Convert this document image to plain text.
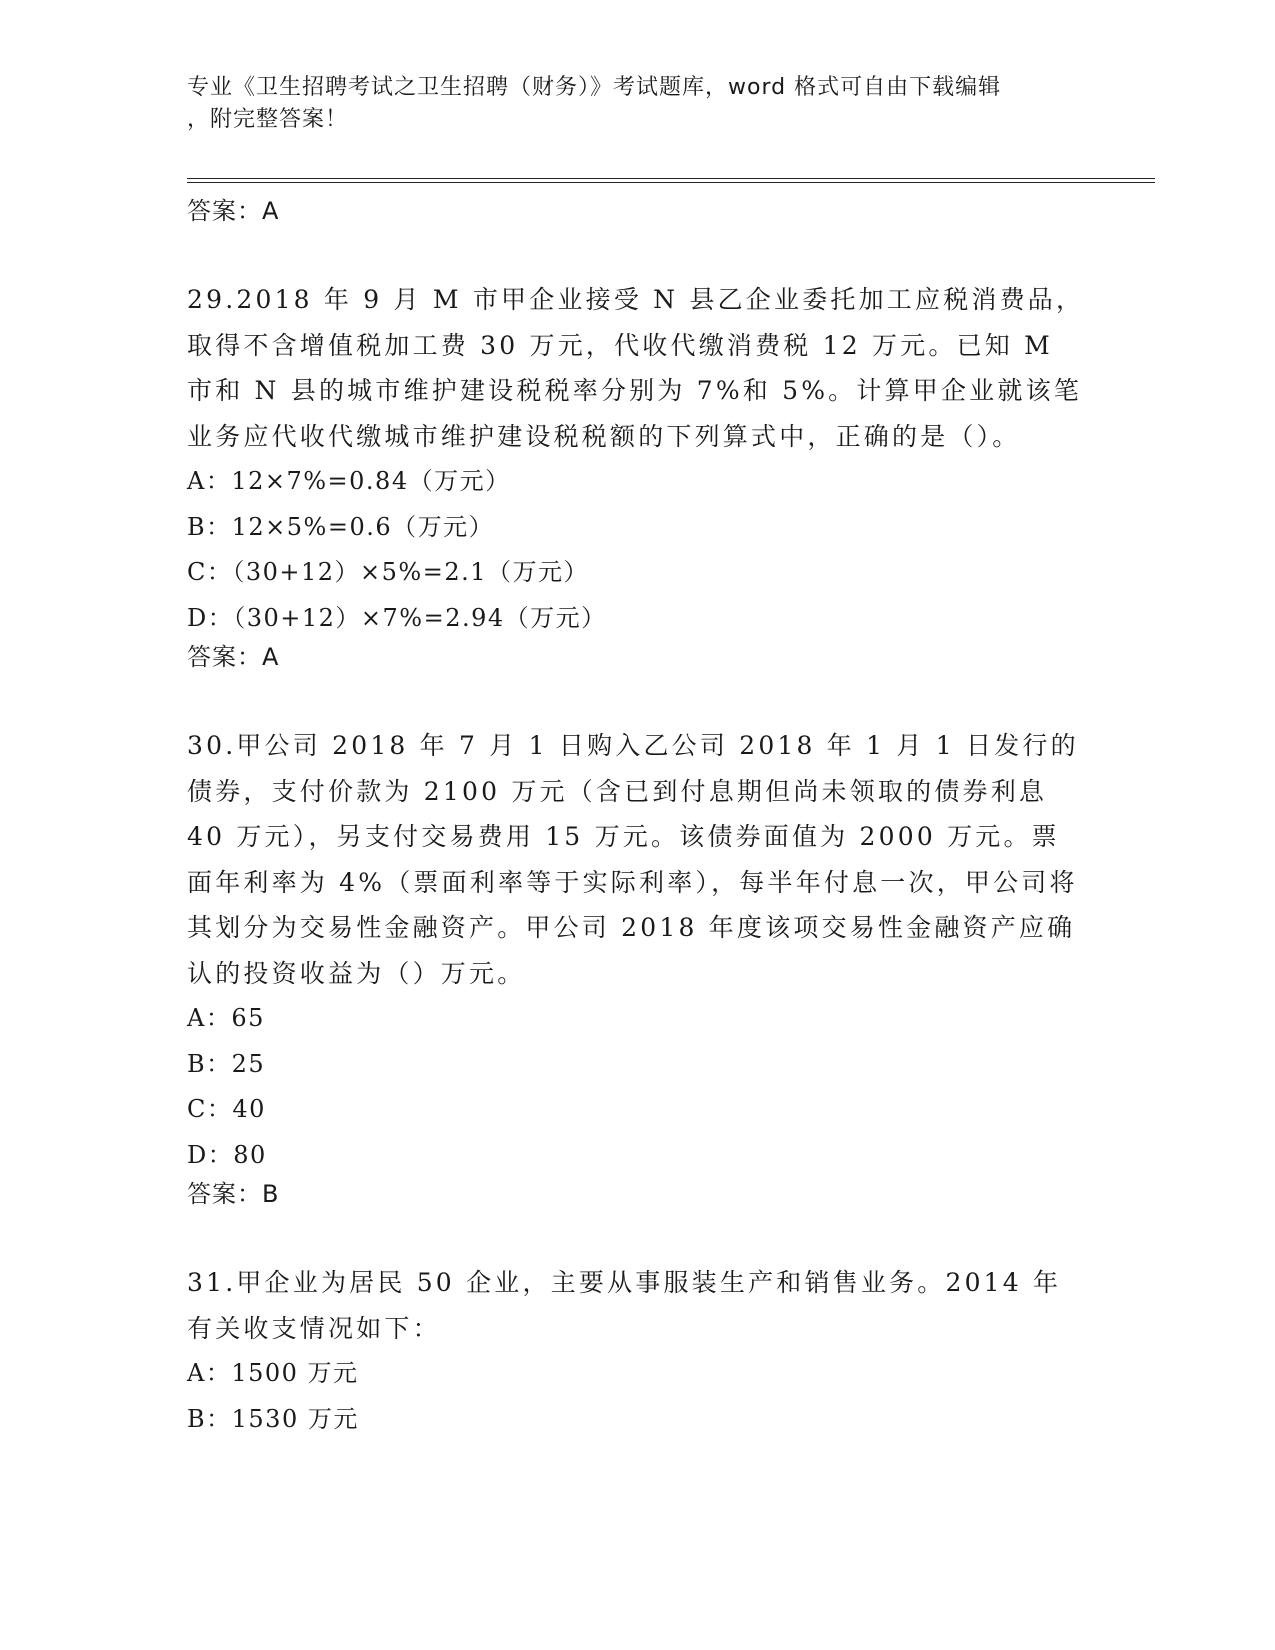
专业《卫生招聘考试之卫生招聘（财务）》考试题库，word 格式可自由下载编辑
，附完整答案！
答案：A

29.2018 年 9 月 M 市甲企业接受 N 县乙企业委托加工应税消费品，取得不含增值税加工费 30 万元，代收代缴消费税 12 万元。已知 M 市和 N 县的城市维护建设税税率分别为 7%和 5%。计算甲企业就该笔业务应代收代缴城市维护建设税税额的下列算式中，正确的是（）。

A：12×7%=0.84（万元）

B：12×5%=0.6（万元）

C：（30+12）×5%=2.1（万元）

D：（30+12）×7%=2.94（万元）

答案：A

30.甲公司 2018 年 7 月 1 日购入乙公司 2018 年 1 月 1 日发行的债券，支付价款为 2100 万元（含已到付息期但尚未领取的债券利息 40 万元），另支付交易费用 15 万元。该债券面值为 2000 万元。票面年利率为 4%（票面利率等于实际利率），每半年付息一次，甲公司将其划分为交易性金融资产。甲公司 2018 年度该项交易性金融资产应确认的投资收益为（）万元。

A：65

B：25

C：40

D：80

答案：B

31.甲企业为居民 50 企业，主要从事服装生产和销售业务。2014 年有关收支情况如下：

A：1500 万元

B：1530 万元
